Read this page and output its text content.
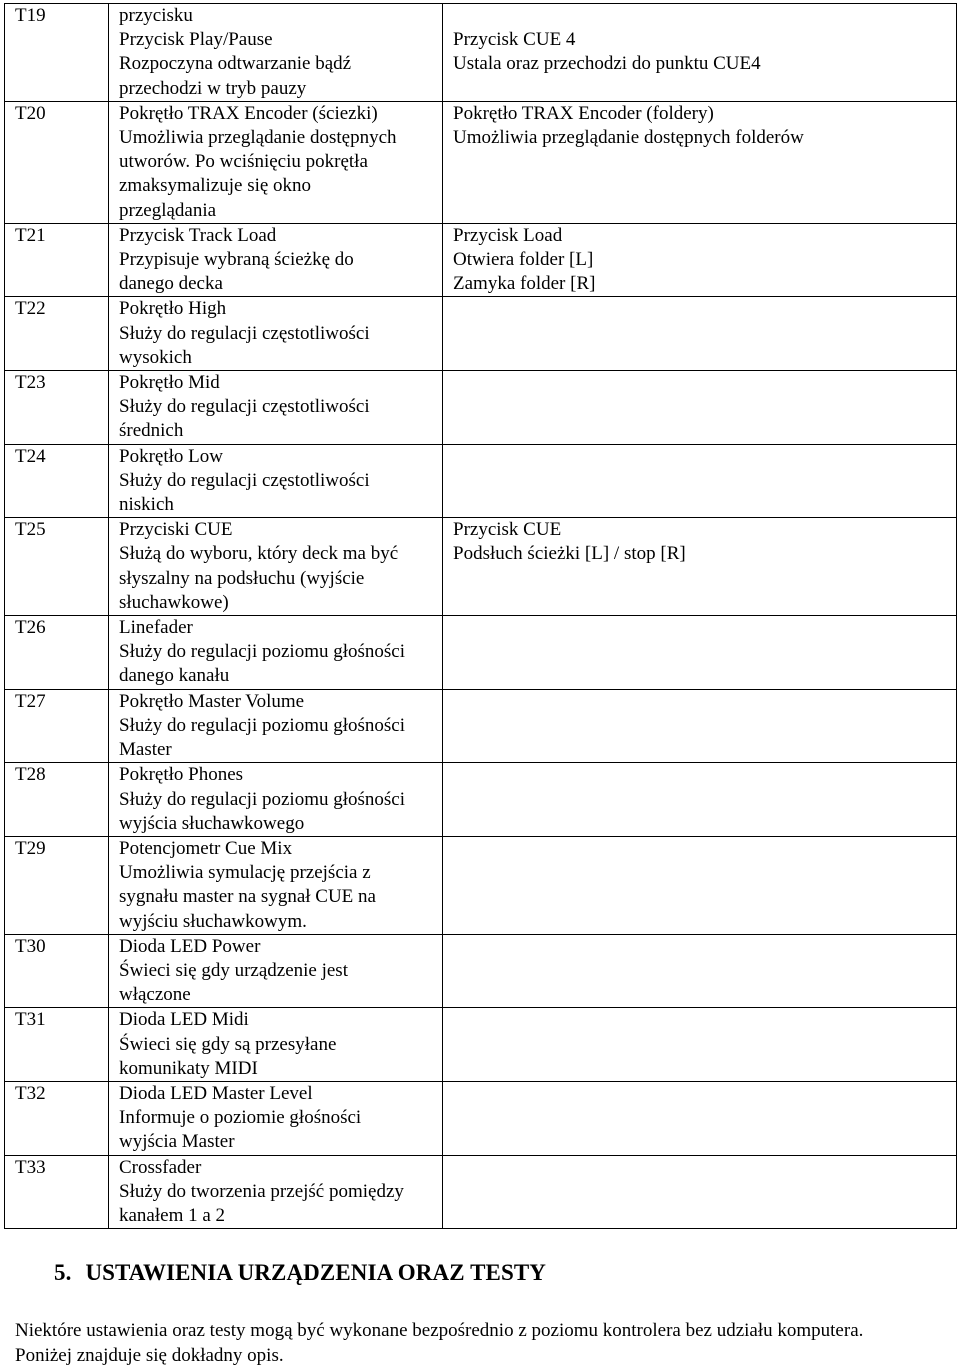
T19	przycisku
Przycisk Play/Pause
Rozpoczyna odtwarzanie bądź
przechodzi w tryb pauzy	Przycisk CUE 4
Ustala oraz przechodzi do punktu CUE4

T20	Pokrętło TRAX Encoder (ściezki)
Umożliwia przeglądanie dostępnych
utworów. Po wciśnięciu pokrętła
zmaksymalizuje się okno
przeglądania	Pokrętło TRAX Encoder (foldery)
Umożliwia przeglądanie dostępnych folderów

T21	Przycisk Track Load
Przypisuje wybraną ścieżkę do
danego decka	Przycisk Load
Otwiera folder [L]
Zamyka folder [R]

T22	Pokrętło High
Służy do regulacji częstotliwości
wysokich	

T23	Pokrętło Mid
Służy do regulacji częstotliwości
średnich	

T24	Pokrętło Low
Służy do regulacji częstotliwości
niskich	

T25	Przyciski CUE
Służą do wyboru, który deck ma być
słyszalny na podsłuchu (wyjście
słuchawkowe)	Przycisk CUE
Podsłuch ścieżki [L] / stop [R]

T26	Linefader
Służy do regulacji poziomu głośności
danego kanału	

T27	Pokrętło Master Volume
Służy do regulacji poziomu głośności
Master	

T28	Pokrętło Phones
Służy do regulacji poziomu głośności
wyjścia słuchawkowego	

T29	Potencjometr Cue Mix
Umożliwia symulację przejścia z
sygnału master na sygnał CUE na
wyjściu słuchawkowym.	

T30	Dioda LED Power
Świeci się gdy urządzenie jest
włączone	

T31	Dioda LED Midi
Świeci się gdy są przesyłane
komunikaty MIDI	

T32	Dioda LED Master Level
Informuje o poziomie głośności
wyjścia Master	

T33	Crossfader
Służy do tworzenia przejść pomiędzy
kanałem 1 a 2	

5. USTAWIENIA URZĄDZENIA ORAZ TESTY

Niektóre ustawienia oraz testy mogą być wykonane bezpośrednio z poziomu kontrolera bez udziału komputera.
Poniżej znajduje się dokładny opis.
